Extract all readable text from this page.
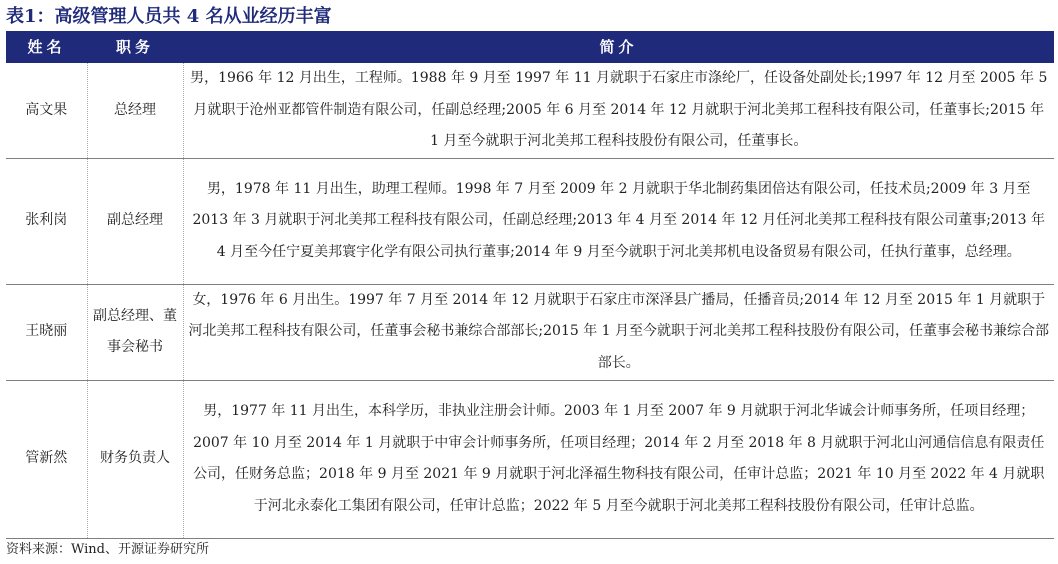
表1：高级管理人员共 4 名从业经历丰富
姓名	职务	简介
高文果	总经理	男，1966 年 12 月出生，工程师。1988 年 9 月至 1997 年 11 月就职于石家庄市涤纶厂，任设备处副处长;1997 年 12 月至 2005 年 5 月就职于沧州亚都管件制造有限公司，任副总经理;2005 年 6 月至 2014 年 12 月就职于河北美邦工程科技有限公司，任董事长;2015 年 1 月至今就职于河北美邦工程科技股份有限公司，任董事长。
张利岗	副总经理	男，1978 年 11 月出生，助理工程师。1998 年 7 月至 2009 年 2 月就职于华北制药集团倍达有限公司，任技术员;2009 年 3 月至 2013 年 3 月就职于河北美邦工程科技有限公司，任副总经理;2013 年 4 月至 2014 年 12 月任河北美邦工程科技有限公司董事;2013 年 4 月至今任宁夏美邦寰宇化学有限公司执行董事;2014 年 9 月至今就职于河北美邦机电设备贸易有限公司，任执行董事，总经理。
王晓丽	副总经理、董事会秘书	女，1976 年 6 月出生。1997 年 7 月至 2014 年 12 月就职于石家庄市深泽县广播局，任播音员;2014 年 12 月至 2015 年 1 月就职于河北美邦工程科技有限公司，任董事会秘书兼综合部部长;2015 年 1 月至今就职于河北美邦工程科技股份有限公司，任董事会秘书兼综合部部长。
管新然	财务负责人	男，1977 年 11 月出生，本科学历，非执业注册会计师。2003 年 1 月至 2007 年 9 月就职于河北华诚会计师事务所，任项目经理；2007 年 10 月至 2014 年 1 月就职于中审会计师事务所，任项目经理；2014 年 2 月至 2018 年 8 月就职于河北山河通信信息有限责任公司，任财务总监；2018 年 9 月至 2021 年 9 月就职于河北泽福生物科技有限公司，任审计总监；2021 年 10 月至 2022 年 4 月就职于河北永泰化工集团有限公司，任审计总监；2022 年 5 月至今就职于河北美邦工程科技股份有限公司，任审计总监。
资料来源：Wind、开源证券研究所
